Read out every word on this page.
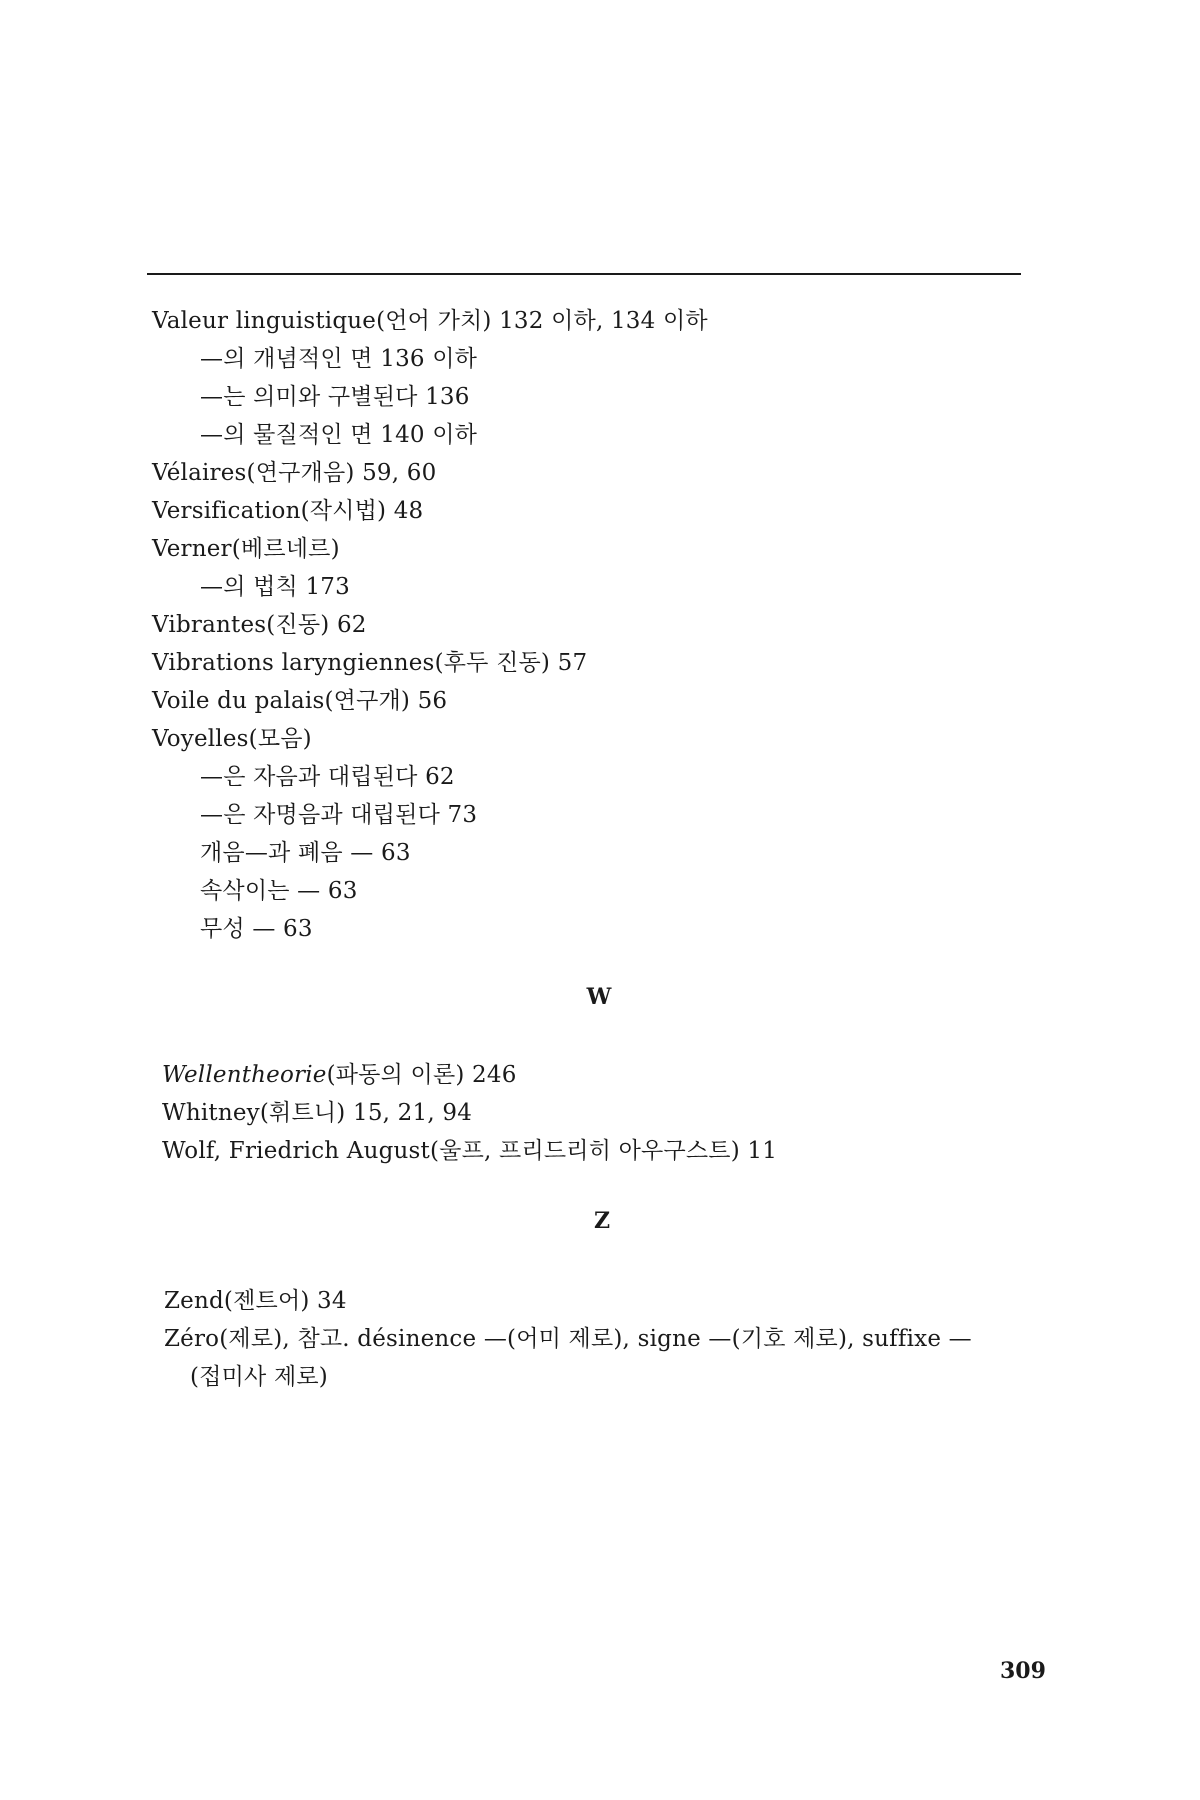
Valeur linguistique(언어 가치) 132 이하, 134 이하
—의 개념적인 면 136 이하
—는 의미와 구별된다 136
—의 물질적인 면 140 이하
Vélaires(연구개음) 59, 60
Versification(작시법) 48
Verner(베르네르)
—의 법칙 173
Vibrantes(진동) 62
Vibrations laryngiennes(후두 진동) 57
Voile du palais(연구개) 56
Voyelles(모음)
—은 자음과 대립된다 62
—은 자명음과 대립된다 73
개음—과 폐음 — 63
속삭이는 — 63
무성 — 63
W
Wellentheorie(파동의 이론) 246
Whitney(휘트니) 15, 21, 94
Wolf, Friedrich August(울프, 프리드리히 아우구스트) 11
Z
Zend(젠트어) 34
Zéro(제로), 참고. désinence —(어미 제로), signe —(기호 제로), suffixe —
(접미사 제로)
309
